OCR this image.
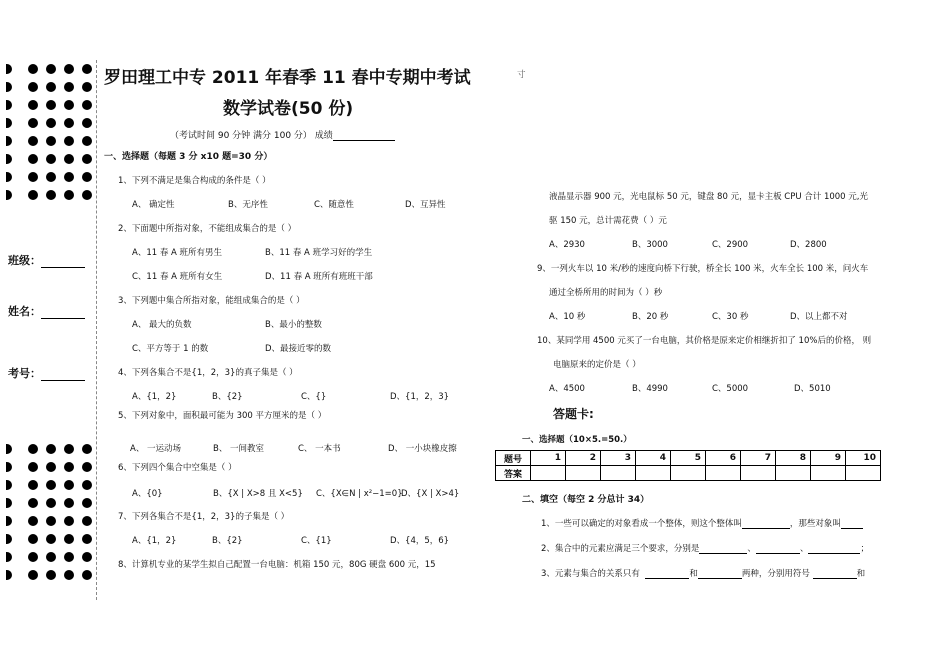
班级：
姓名：
考号：
罗田理工中专 2011 年春季 11 春中专期中考试
数学试卷(50 份)
寸
（考试时间 90 分钟 满分 100 分） 成绩
一、选择题（每题 3 分 x10 题=30 分）
1、下列不满足是集合构成的条件是（ ）
A、 确定性	B、无序性	C、随意性	D、互异性
2、下面题中所指对象，不能组成集合的是（ ）
A、11 春 A 班所有男生	B、11 春 A 班学习好的学生
C、11 春 A 班所有女生	D、11 春 A 班所有班班干部
3、下列题中集合所指对象，能组成集合的是（ ）
A、 最大的负数	B、最小的整数
C、平方等于 1 的数	D、最接近零的数
4、下列各集合不是{1，2，3}的真子集是（ ）
A、{1，2}	B、{2}	C、{}	D、{1，2，3}
5、下列对象中，面积最可能为 300 平方厘米的是（ ）
A、 一运动场	B、 一间教室	C、 一本书	D、 一小块橡皮擦
6、下列四个集合中空集是（ ）
A、{0}	B、{X | X>8 且 X<5} C、{X∈N | x²−1=0}
D、{X | X>4}
7、下列各集合不是{1，2，3}的子集是（ ）
A、{1，2}	B、{2}	C、{1}	D、{4，5，6}
8、计算机专业的某学生拟自己配置一台电脑：机箱 150 元，80G 硬盘 600 元，15
液晶显示器 900 元，光电鼠标 50 元，键盘 80 元，显卡主板 CPU 合计 1000 元,光
驱 150 元，总计需花费（ ）元
A、2930	B、3000	C、2900	D、2800
9、一列火车以 10 米/秒的速度向桥下行驶，桥全长 100 米，火车全长 100 米，问火车
通过全桥所用的时间为（ ）秒
A、10 秒	B、20 秒	C、30 秒	D、以上都不对
10、某同学用 4500 元买了一台电脑，其价格是原来定价相继折扣了 10%后的价格， 则
电脑原来的定价是（ ）
A、4500	B、4990	C、5000	D、5010
答题卡:
一、选择题（10×5.=50.）
题号	1	2	3	4	5	6	7	8	9	10
答案										
二、填空（每空 2 分总计 34）
1、一些可以确定的对象看成一个整体，则这个整体叫	，那些对象叫
2、集合中的元素应满足三个要求，分别是	、	、	；
3、元素与集合的关系只有	和	两种，分别用符号	和
